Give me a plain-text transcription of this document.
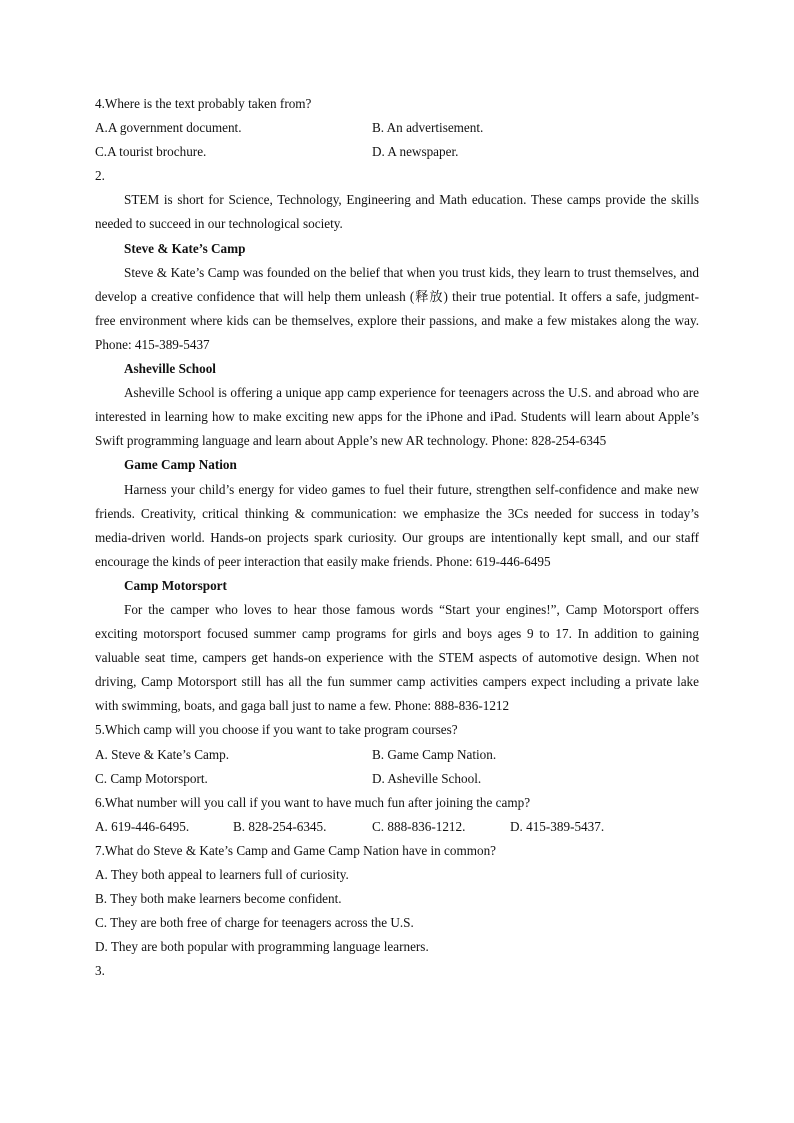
4.Where is the text probably taken from?
A.A government document.	B. An advertisement.
C.A tourist brochure.	D. A newspaper.
2.

STEM is short for Science, Technology, Engineering and Math education. These camps provide the skills needed to succeed in our technological society.

Steve & Kate’s Camp

Steve & Kate’s Camp was founded on the belief that when you trust kids, they learn to trust themselves, and develop a creative confidence that will help them unleash (释放) their true potential. It offers a safe, judgment-free environment where kids can be themselves, explore their passions, and make a few mistakes along the way. Phone: 415-389-5437

Asheville School

Asheville School is offering a unique app camp experience for teenagers across the U.S. and abroad who are interested in learning how to make exciting new apps for the iPhone and iPad. Students will learn about Apple’s Swift programming language and learn about Apple’s new AR technology. Phone: 828-254-6345

Game Camp Nation

Harness your child’s energy for video games to fuel their future, strengthen self-confidence and make new friends. Creativity, critical thinking & communication: we emphasize the 3Cs needed for success in today’s media-driven world. Hands-on projects spark curiosity. Our groups are intentionally kept small, and our staff encourage the kinds of peer interaction that easily make friends. Phone: 619-446-6495

Camp Motorsport

For the camper who loves to hear those famous words “Start your engines!”, Camp Motorsport offers exciting motorsport focused summer camp programs for girls and boys ages 9 to 17. In addition to gaining valuable seat time, campers get hands-on experience with the STEM aspects of automotive design. When not driving, Camp Motorsport still has all the fun summer camp activities campers expect including a private lake with swimming, boats, and gaga ball just to name a few. Phone: 888-836-1212

5.Which camp will you choose if you want to take program courses?
A. Steve & Kate’s Camp.	B. Game Camp Nation.
C. Camp Motorsport.	D. Asheville School.
6.What number will you call if you want to have much fun after joining the camp?
A. 619-446-6495.	B. 828-254-6345.	C. 888-836-1212.	D. 415-389-5437.
7.What do Steve & Kate’s Camp and Game Camp Nation have in common?
A. They both appeal to learners full of curiosity.
B. They both make learners become confident.
C. They are both free of charge for teenagers across the U.S.
D. They are both popular with programming language learners.
3.
